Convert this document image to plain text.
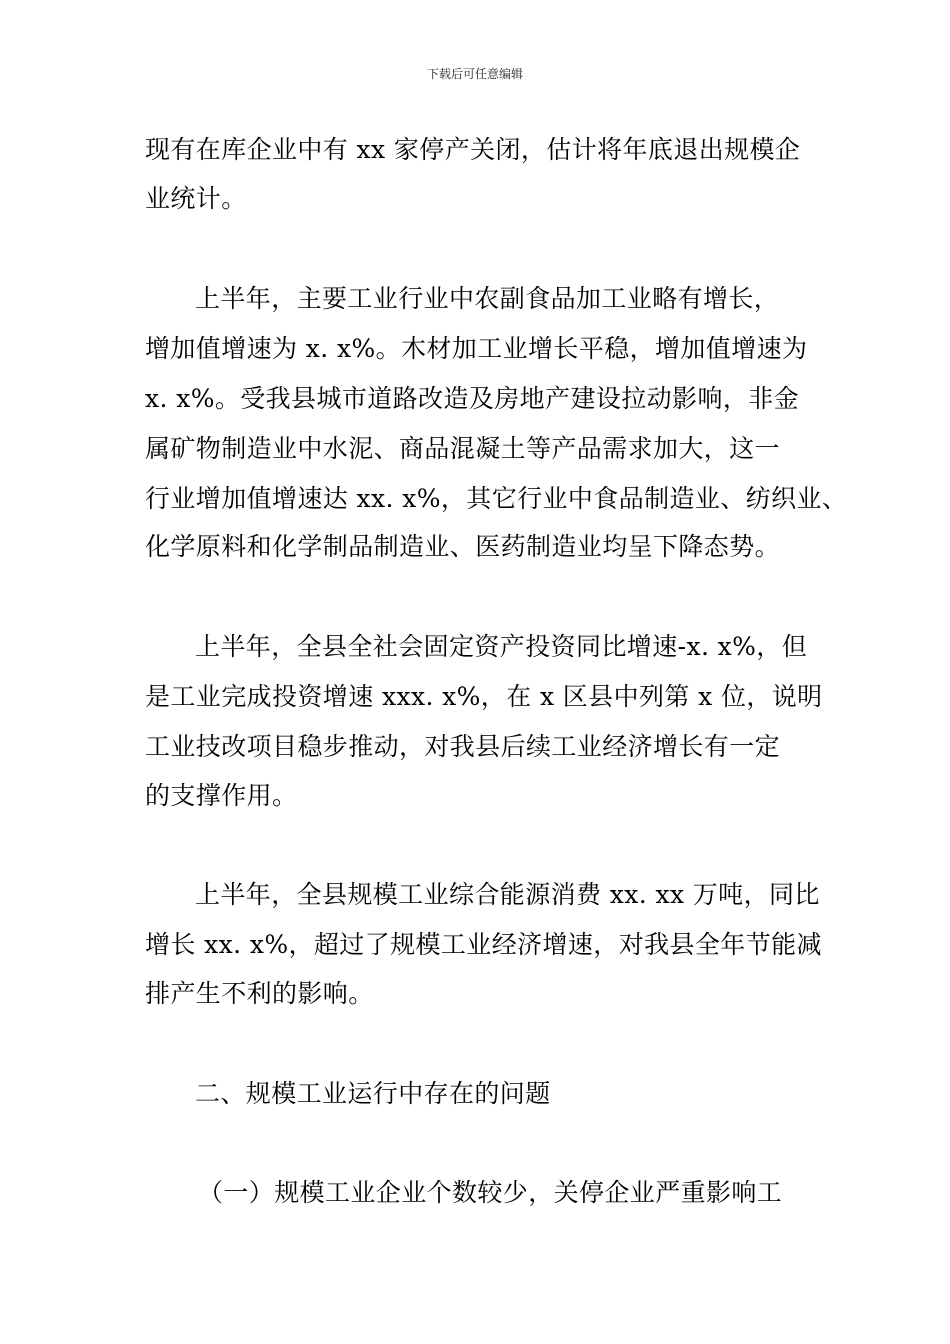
下载后可任意编辑
现有在库企业中有 xx 家停产关闭，估计将年底退出规模企
业统计。
上半年，主要工业行业中农副食品加工业略有增长，
增加值增速为 x. x%。木材加工业增长平稳，增加值增速为
x. x%。受我县城市道路改造及房地产建设拉动影响，非金
属矿物制造业中水泥、商品混凝土等产品需求加大，这一
行业增加值增速达 xx. x%，其它行业中食品制造业、纺织业、
化学原料和化学制品制造业、医药制造业均呈下降态势。
上半年，全县全社会固定资产投资同比增速-x. x%，但
是工业完成投资增速 xxx. x%，在 x 区县中列第 x 位，说明
工业技改项目稳步推动，对我县后续工业经济增长有一定
的支撑作用。
上半年，全县规模工业综合能源消费 xx. xx 万吨，同比
增长 xx. x%，超过了规模工业经济增速，对我县全年节能减
排产生不利的影响。
二、规模工业运行中存在的问题
（一）规模工业企业个数较少，关停企业严重影响工
